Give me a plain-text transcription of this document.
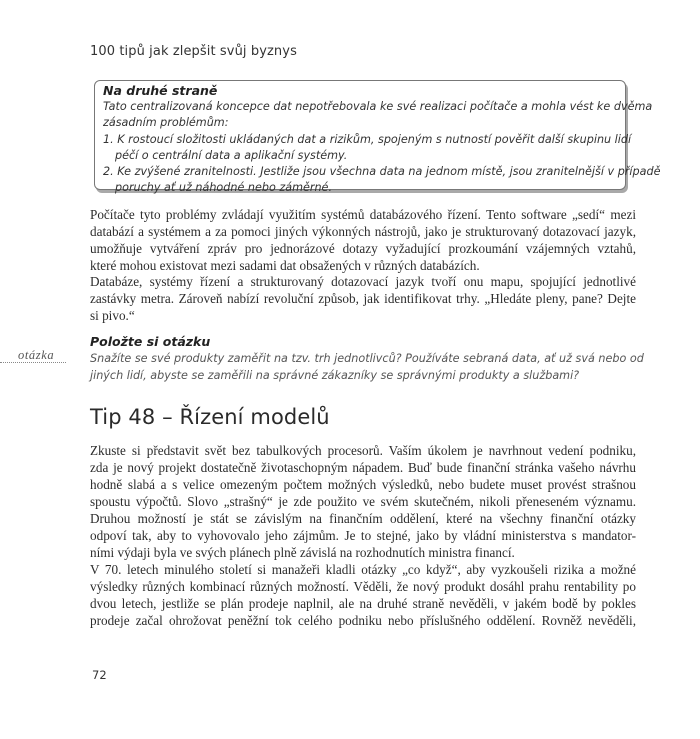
100 tipů jak zlepšit svůj byznys
Na druhé straně
Tato centralizovaná koncepce dat nepotřebovala ke své realizaci počítače a mohla vést ke dvěma
zásadním problémům:
1. K rostoucí složitosti ukládaných dat a rizikům, spojeným s nutností pověřit další skupinu lidí
péčí o centrální data a aplikační systémy.
2. Ke zvýšené zranitelnosti. Jestliže jsou všechna data na jednom místě, jsou zranitelnější v případě
poruchy ať už náhodné nebo záměrné.
Počítače tyto problémy zvládají využitím systémů databázového řízení. Tento software „sedí“ mezi
databází a systémem a za pomoci jiných výkonných nástrojů, jako je strukturovaný dotazovací jazyk,
umožňuje vytváření zpráv pro jednorázové dotazy vyžadující prozkoumání vzájemných vztahů,
které mohou existovat mezi sadami dat obsažených v různých databázích.
Databáze, systémy řízení a strukturovaný dotazovací jazyk tvoří onu mapu, spojující jednotlivé
zastávky metra. Zároveň nabízí revoluční způsob, jak identifikovat trhy. „Hledáte pleny, pane? Dejte
si pivo.“
otázka
Položte si otázku
Snažíte se své produkty zaměřit na tzv. trh jednotlivců? Používáte sebraná data, ať už svá nebo od
jiných lidí, abyste se zaměřili na správné zákazníky se správnými produkty a službami?
Tip 48 – Řízení modelů
Zkuste si představit svět bez tabulkových procesorů. Vaším úkolem je navrhnout vedení podniku,
zda je nový projekt dostatečně životaschopným nápadem. Buď bude finanční stránka vašeho návrhu
hodně slabá a s velice omezeným počtem možných výsledků, nebo budete muset provést strašnou
spoustu výpočtů. Slovo „strašný“ je zde použito ve svém skutečném, nikoli přeneseném významu.
Druhou možností je stát se závislým na finančním oddělení, které na všechny finanční otázky
odpoví tak, aby to vyhovovalo jeho zájmům. Je to stejné, jako by vládní ministerstva s mandator-
ními výdaji byla ve svých plánech plně závislá na rozhodnutích ministra financí.
V 70. letech minulého století si manažeři kladli otázky „co když“, aby vyzkoušeli rizika a možné
výsledky různých kombinací různých možností. Věděli, že nový produkt dosáhl prahu rentability po
dvou letech, jestliže se plán prodeje naplnil, ale na druhé straně nevěděli, v jakém bodě by pokles
prodeje začal ohrožovat peněžní tok celého podniku nebo příslušného oddělení. Rovněž nevěděli,
72
